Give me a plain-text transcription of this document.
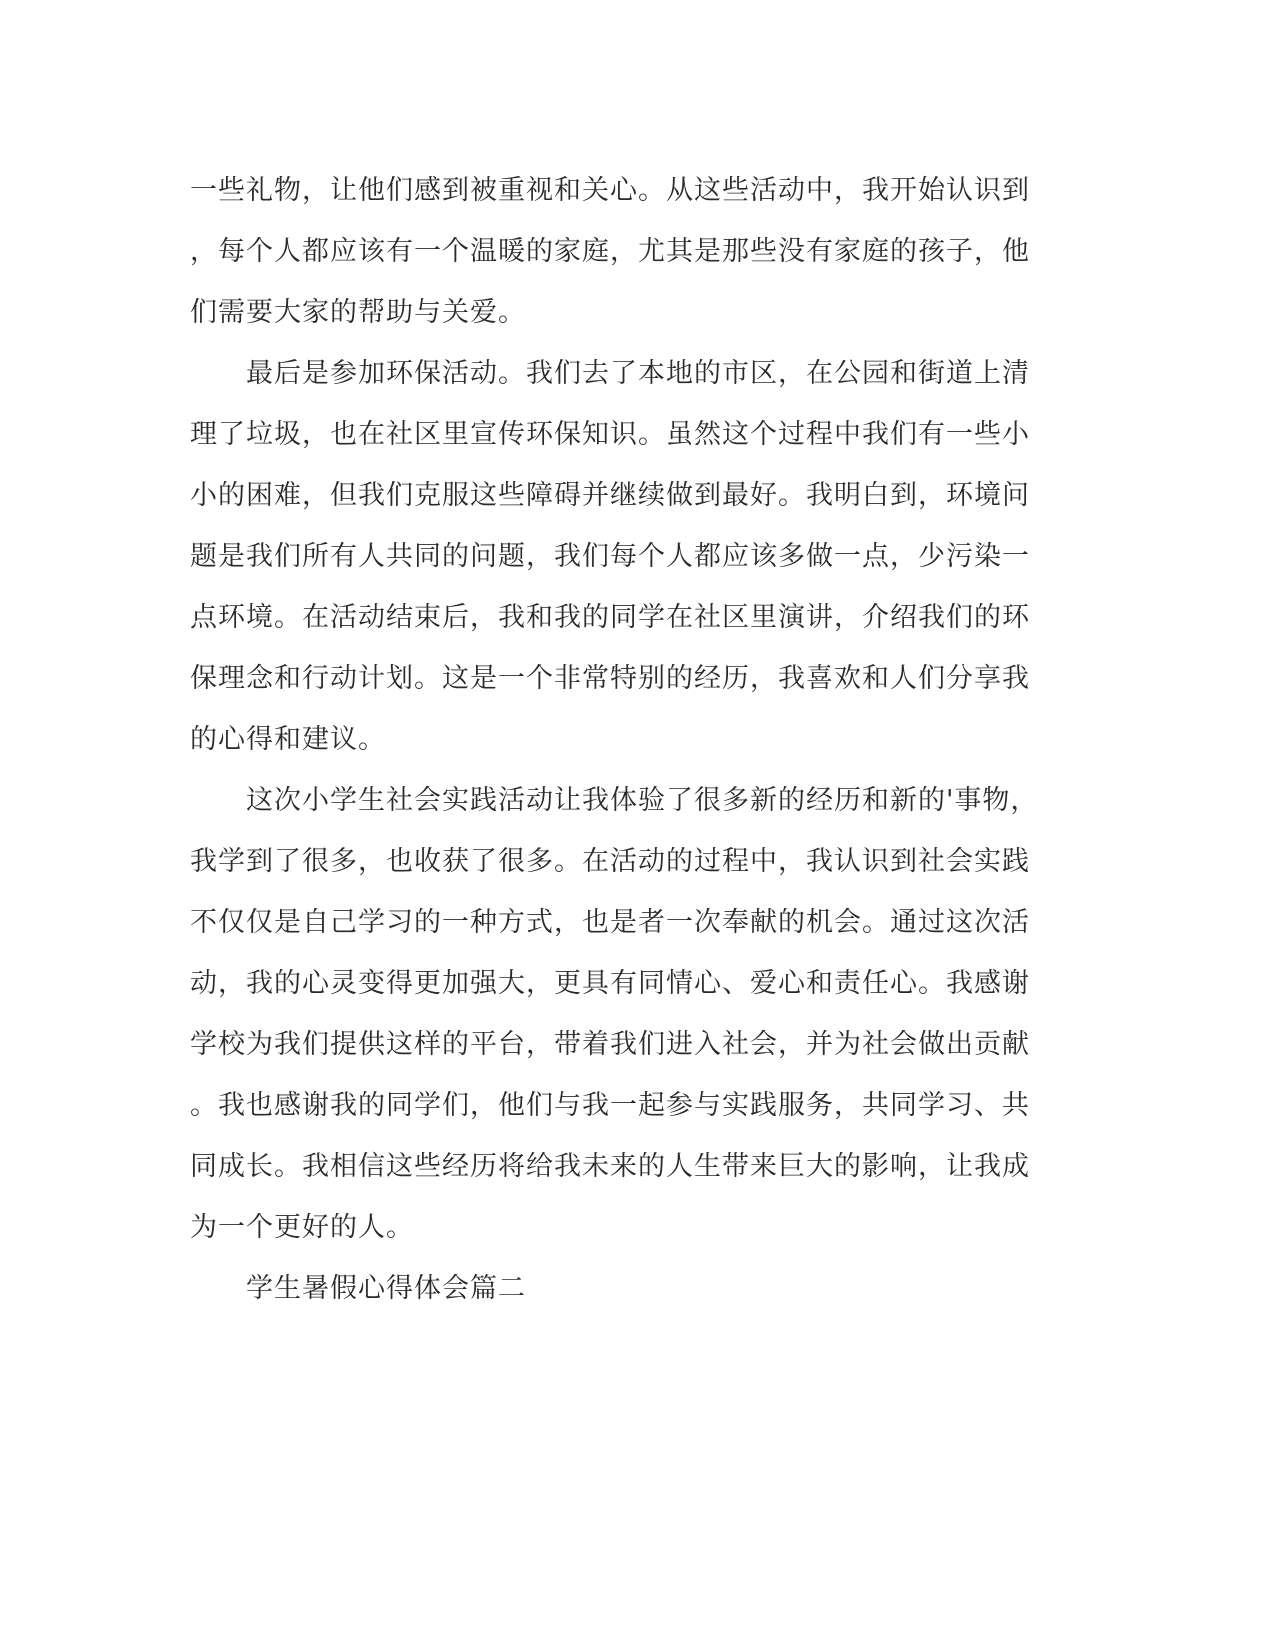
一些礼物，让他们感到被重视和关心。从这些活动中，我开始认识到
，每个人都应该有一个温暖的家庭，尤其是那些没有家庭的孩子，他
们需要大家的帮助与关爱。
　　最后是参加环保活动。我们去了本地的市区，在公园和街道上清
理了垃圾，也在社区里宣传环保知识。虽然这个过程中我们有一些小
小的困难，但我们克服这些障碍并继续做到最好。我明白到，环境问
题是我们所有人共同的问题，我们每个人都应该多做一点，少污染一
点环境。在活动结束后，我和我的同学在社区里演讲，介绍我们的环
保理念和行动计划。这是一个非常特别的经历，我喜欢和人们分享我
的心得和建议。
　　这次小学生社会实践活动让我体验了很多新的经历和新的'事物，
我学到了很多，也收获了很多。在活动的过程中，我认识到社会实践
不仅仅是自己学习的一种方式，也是者一次奉献的机会。通过这次活
动，我的心灵变得更加强大，更具有同情心、爱心和责任心。我感谢
学校为我们提供这样的平台，带着我们进入社会，并为社会做出贡献
。我也感谢我的同学们，他们与我一起参与实践服务，共同学习、共
同成长。我相信这些经历将给我未来的人生带来巨大的影响，让我成
为一个更好的人。
　　学生暑假心得体会篇二
